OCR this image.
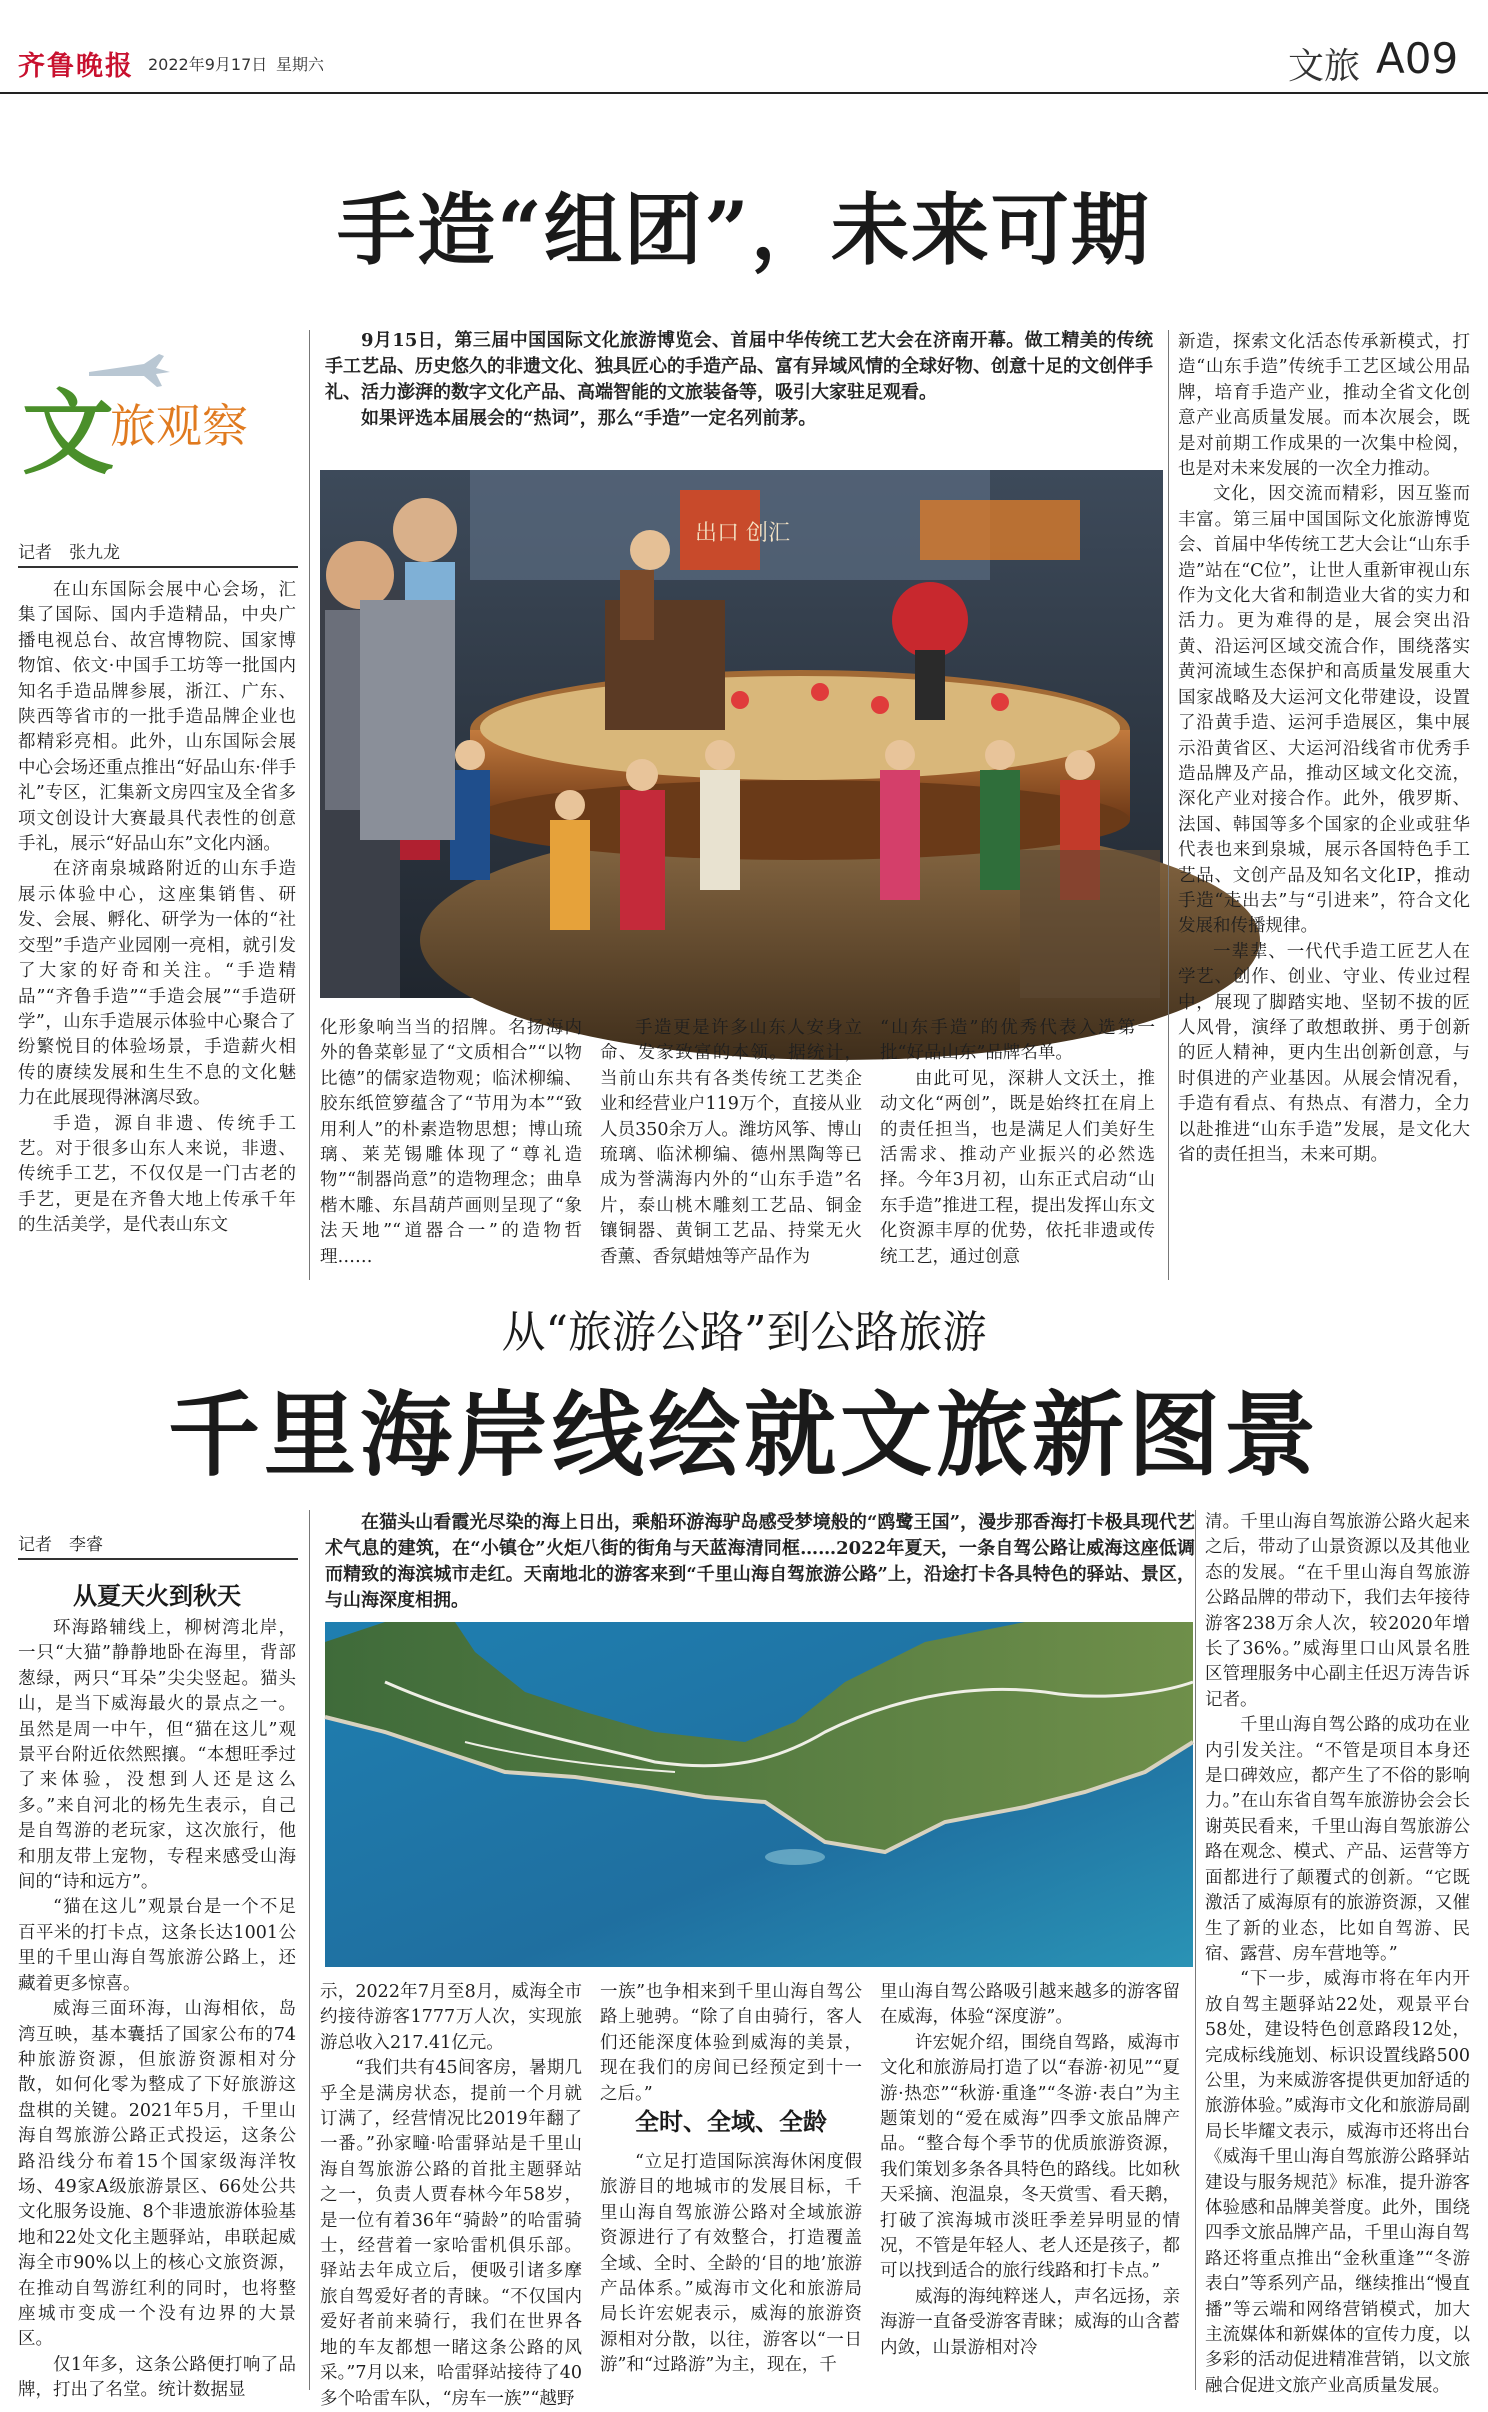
齐鲁晚报 2022年9月17日 星期六	文旅 A09
手造“组团”，未来可期
文
旅观察
记者　张九龙

9月15日，第三届中国国际文化旅游博览会、首届中华传统工艺大会在济南开幕。做工精美的传统手工艺品、历史悠久的非遗文化、独具匠心的手造产品、富有异域风情的全球好物、创意十足的文创伴手礼、活力澎湃的数字文化产品、高端智能的文旅装备等，吸引大家驻足观看。

如果评选本届展会的“热词”，那么“手造”一定名列前茅。

出口 创汇

在山东国际会展中心会场，汇集了国际、国内手造精品，中央广播电视总台、故宫博物院、国家博物馆、依文·中国手工坊等一批国内知名手造品牌参展，浙江、广东、陕西等省市的一批手造品牌企业也都精彩亮相。此外，山东国际会展中心会场还重点推出“好品山东·伴手礼”专区，汇集新文房四宝及全省多项文创设计大赛最具代表性的创意手礼，展示“好品山东”文化内涵。

在济南泉城路附近的山东手造展示体验中心，这座集销售、研发、会展、孵化、研学为一体的“社交型”手造产业园刚一亮相，就引发了大家的好奇和关注。“手造精品”“齐鲁手造”“手造会展”“手造研学”，山东手造展示体验中心聚合了纷繁悦目的体验场景，手造薪火相传的赓续发展和生生不息的文化魅力在此展现得淋漓尽致。

手造，源自非遗、传统手工艺。对于很多山东人来说，非遗、传统手工艺，不仅仅是一门古老的手艺，更是在齐鲁大地上传承千年的生活美学，是代表山东文

化形象响当当的招牌。名扬海内外的鲁菜彰显了“文质相合”“以物比德”的儒家造物观；临沭柳编、胶东纸笸箩蕴含了“节用为本”“致用利人”的朴素造物思想；博山琉璃、莱芜锡雕体现了“尊礼造物”“制器尚意”的造物理念；曲阜楷木雕、东昌葫芦画则呈现了“象法天地”“道器合一”的造物哲理……

手造更是许多山东人安身立命、发家致富的本领。据统计，当前山东共有各类传统工艺类企业和经营业户119万个，直接从业人员350余万人。潍坊风筝、博山琉璃、临沭柳编、德州黑陶等已成为誉满海内外的“山东手造”名片，泰山桃木雕刻工艺品、铜金镶铜器、黄铜工艺品、持棠无火香薰、香氛蜡烛等产品作为

“山东手造”的优秀代表入选第一批“好品山东”品牌名单。

由此可见，深耕人文沃土，推动文化“两创”，既是始终扛在肩上的责任担当，也是满足人们美好生活需求、推动产业振兴的必然选择。今年3月初，山东正式启动“山东手造”推进工程，提出发挥山东文化资源丰厚的优势，依托非遗或传统工艺，通过创意

新造，探索文化活态传承新模式，打造“山东手造”传统手工艺区域公用品牌，培育手造产业，推动全省文化创意产业高质量发展。而本次展会，既是对前期工作成果的一次集中检阅，也是对未来发展的一次全力推动。

文化，因交流而精彩，因互鉴而丰富。第三届中国国际文化旅游博览会、首届中华传统工艺大会让“山东手造”站在“C位”，让世人重新审视山东作为文化大省和制造业大省的实力和活力。更为难得的是，展会突出沿黄、沿运河区域交流合作，围绕落实黄河流域生态保护和高质量发展重大国家战略及大运河文化带建设，设置了沿黄手造、运河手造展区，集中展示沿黄省区、大运河沿线省市优秀手造品牌及产品，推动区域文化交流，深化产业对接合作。此外，俄罗斯、法国、韩国等多个国家的企业或驻华代表也来到泉城，展示各国特色手工艺品、文创产品及知名文化IP，推动手造“走出去”与“引进来”，符合文化发展和传播规律。

一辈辈、一代代手造工匠艺人在学艺、创作、创业、守业、传业过程中，展现了脚踏实地、坚韧不拔的匠人风骨，演绎了敢想敢拼、勇于创新的匠人精神，更内生出创新创意，与时俱进的产业基因。从展会情况看，手造有看点、有热点、有潜力，全力以赴推进“山东手造”发展，是文化大省的责任担当，未来可期。

从“旅游公路”到公路旅游
千里海岸线绘就文旅新图景
记者　李睿

在猫头山看霞光尽染的海上日出，乘船环游海驴岛感受梦境般的“鸥鹭王国”，漫步那香海打卡极具现代艺术气息的建筑，在“小镇仓”火炬八街的街角与天蓝海清同框……2022年夏天，一条自驾公路让威海这座低调而精致的海滨城市走红。天南地北的游客来到“千里山海自驾旅游公路”上，沿途打卡各具特色的驿站、景区，与山海深度相拥。

从夏天火到秋天

环海路辅线上，柳树湾北岸，一只“大猫”静静地卧在海里，背部葱绿，两只“耳朵”尖尖竖起。猫头山，是当下威海最火的景点之一。虽然是周一中午，但“猫在这儿”观景平台附近依然熙攘。“本想旺季过了来体验，没想到人还是这么多。”来自河北的杨先生表示，自己是自驾游的老玩家，这次旅行，他和朋友带上宠物，专程来感受山海间的“诗和远方”。

“猫在这儿”观景台是一个不足百平米的打卡点，这条长达1001公里的千里山海自驾旅游公路上，还藏着更多惊喜。

威海三面环海，山海相依，岛湾互映，基本囊括了国家公布的74种旅游资源，但旅游资源相对分散，如何化零为整成了下好旅游这盘棋的关键。2021年5月，千里山海自驾旅游公路正式投运，这条公路沿线分布着15个国家级海洋牧场、49家A级旅游景区、66处公共文化服务设施、8个非遗旅游体验基地和22处文化主题驿站，串联起威海全市90%以上的核心文旅资源，在推动自驾游红利的同时，也将整座城市变成一个没有边界的大景区。

仅1年多，这条公路便打响了品牌，打出了名堂。统计数据显

示，2022年7月至8月，威海全市约接待游客1777万人次，实现旅游总收入217.41亿元。

“我们共有45间客房，暑期几乎全是满房状态，提前一个月就订满了，经营情况比2019年翻了一番。”孙家疃·哈雷驿站是千里山海自驾旅游公路的首批主题驿站之一，负责人贾春林今年58岁，是一位有着36年“骑龄”的哈雷骑士，经营着一家哈雷机俱乐部。驿站去年成立后，便吸引诸多摩旅自驾爱好者的青睐。“不仅国内爱好者前来骑行，我们在世界各地的车友都想一睹这条公路的风采。”7月以来，哈雷驿站接待了40多个哈雷车队，“房车一族”“越野

一族”也争相来到千里山海自驾公路上驰骋。“除了自由骑行，客人们还能深度体验到威海的美景，现在我们的房间已经预定到十一之后。”

全时、全域、全龄

“立足打造国际滨海休闲度假旅游目的地城市的发展目标，千里山海自驾旅游公路对全域旅游资源进行了有效整合，打造覆盖全域、全时、全龄的‘目的地’旅游产品体系。”威海市文化和旅游局局长许宏妮表示，威海的旅游资源相对分散，以往，游客以“一日游”和“过路游”为主，现在，千

里山海自驾公路吸引越来越多的游客留在威海，体验“深度游”。

许宏妮介绍，围绕自驾路，威海市文化和旅游局打造了以“春游·初见”“夏游·热恋”“秋游·重逢”“冬游·表白”为主题策划的“爱在威海”四季文旅品牌产品。“整合每个季节的优质旅游资源，我们策划多条各具特色的路线。比如秋天采摘、泡温泉，冬天赏雪、看天鹅，打破了滨海城市淡旺季差异明显的情况，不管是年轻人、老人还是孩子，都可以找到适合的旅行线路和打卡点。”

威海的海纯粹迷人，声名远扬，亲海游一直备受游客青睐；威海的山含蓄内敛，山景游相对冷

清。千里山海自驾旅游公路火起来之后，带动了山景资源以及其他业态的发展。“在千里山海自驾旅游公路品牌的带动下，我们去年接待游客238万余人次，较2020年增长了36%。”威海里口山风景名胜区管理服务中心副主任迟万涛告诉记者。

千里山海自驾公路的成功在业内引发关注。“不管是项目本身还是口碑效应，都产生了不俗的影响力。”在山东省自驾车旅游协会会长谢英民看来，千里山海自驾旅游公路在观念、模式、产品、运营等方面都进行了颠覆式的创新。“它既激活了威海原有的旅游资源，又催生了新的业态，比如自驾游、民宿、露营、房车营地等。”

“下一步，威海市将在年内开放自驾主题驿站22处，观景平台58处，建设特色创意路段12处，完成标线施划、标识设置线路500公里，为来威游客提供更加舒适的旅游体验。”威海市文化和旅游局副局长毕耀文表示，威海市还将出台《威海千里山海自驾旅游公路驿站建设与服务规范》标准，提升游客体验感和品牌美誉度。此外，围绕四季文旅品牌产品，千里山海自驾路还将重点推出“金秋重逢”“冬游表白”等系列产品，继续推出“慢直播”等云端和网络营销模式，加大主流媒体和新媒体的宣传力度，以多彩的活动促进精准营销，以文旅融合促进文旅产业高质量发展。
